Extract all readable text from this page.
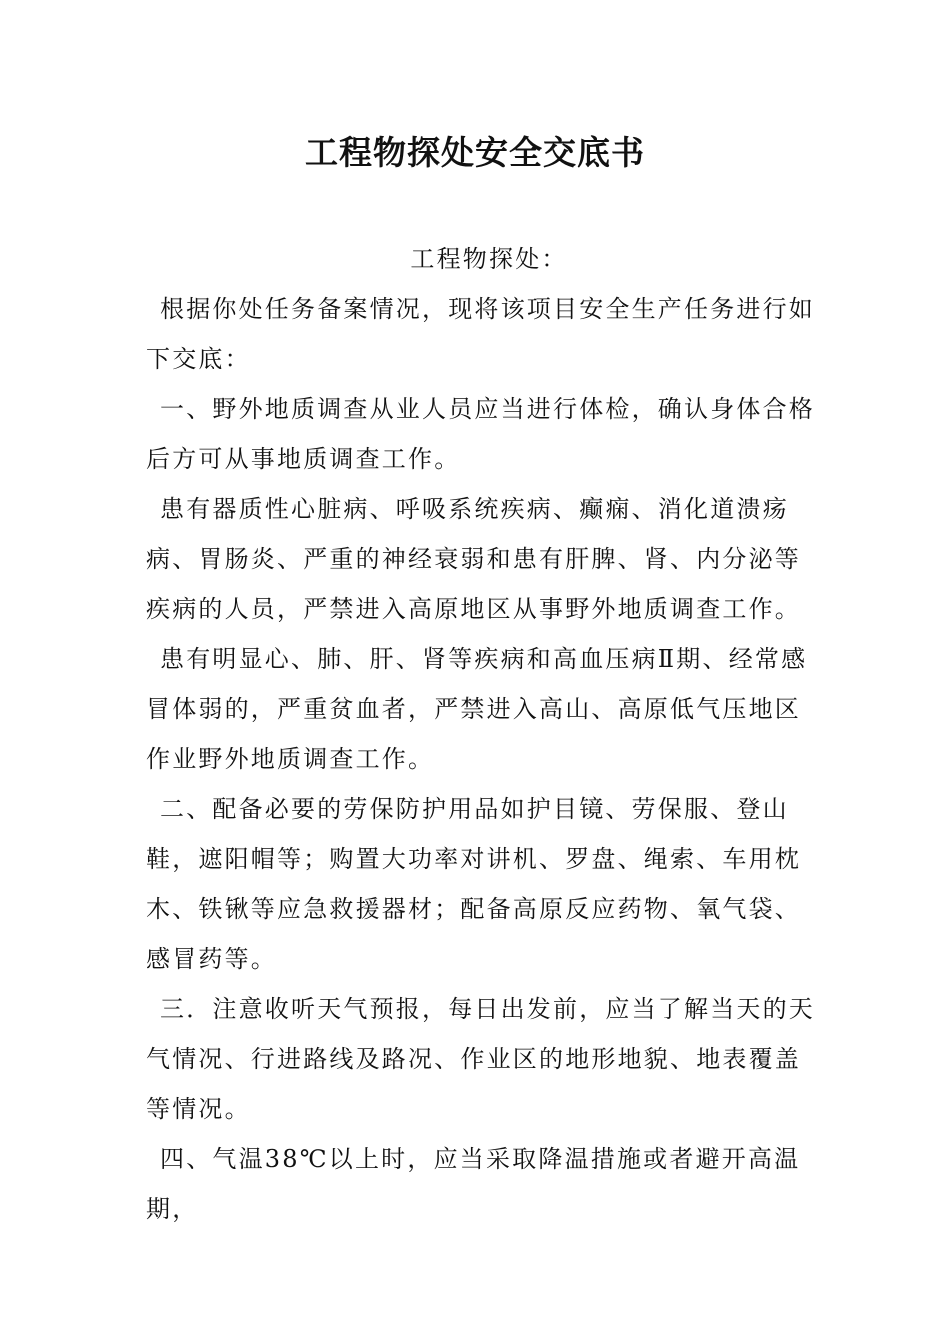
工程物探处安全交底书

工程物探处：

根据你处任务备案情况，现将该项目安全生产任务进行如下交底：

一、野外地质调查从业人员应当进行体检，确认身体合格后方可从事地质调查工作。

患有器质性心脏病、呼吸系统疾病、癫痫、消化道溃疡病、胃肠炎、严重的神经衰弱和患有肝脾、肾、内分泌等疾病的人员，严禁进入高原地区从事野外地质调查工作。

患有明显心、肺、肝、肾等疾病和高血压病Ⅱ期、经常感冒体弱的，严重贫血者，严禁进入高山、高原低气压地区作业野外地质调查工作。

二、配备必要的劳保防护用品如护目镜、劳保服、登山鞋，遮阳帽等；购置大功率对讲机、罗盘、绳索、车用枕木、铁锹等应急救援器材；配备高原反应药物、氧气袋、感冒药等。

三．注意收听天气预报，每日出发前，应当了解当天的天气情况、行进路线及路况、作业区的地形地貌、地表覆盖等情况。

四、气温38℃以上时，应当采取降温措施或者避开高温期，
